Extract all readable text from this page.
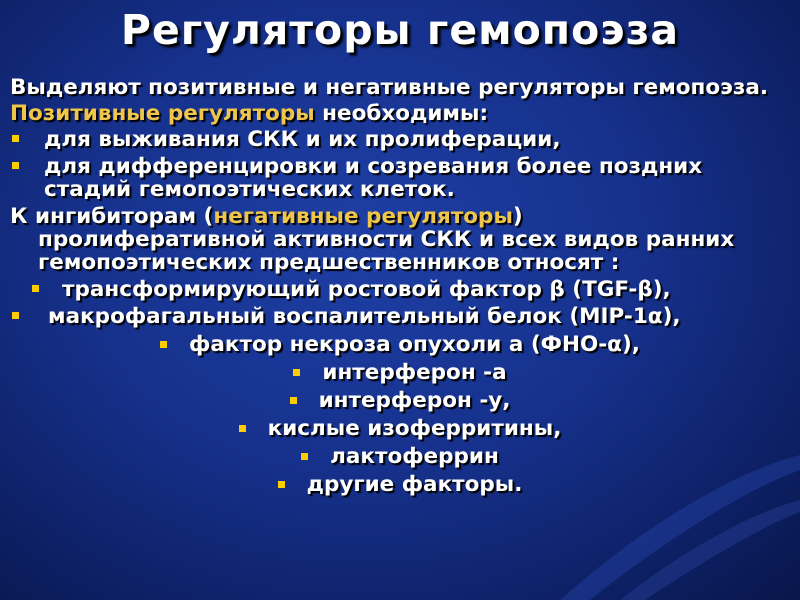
Регуляторы гемопоэза
Выделяют позитивные и негативные регуляторы гемопоэза.
Позитивные регуляторы необходимы:
для выживания СКК и их пролиферации,
для дифференцировки и созревания более поздних стадий гемопоэтических клеток.
К ингибиторам (негативные регуляторы)
пролиферативной активности СКК и всех видов ранних гемопоэтических предшественников относят :
трансформирующий ростовой фактор β (TGF-β),
макрофагальный воспалительный белок (MIP-1α),
фактор некроза опухоли а (ФНО-α),
интерферон -а
интерферон -у,
кислые изоферритины,
лактоферрин
другие факторы.
